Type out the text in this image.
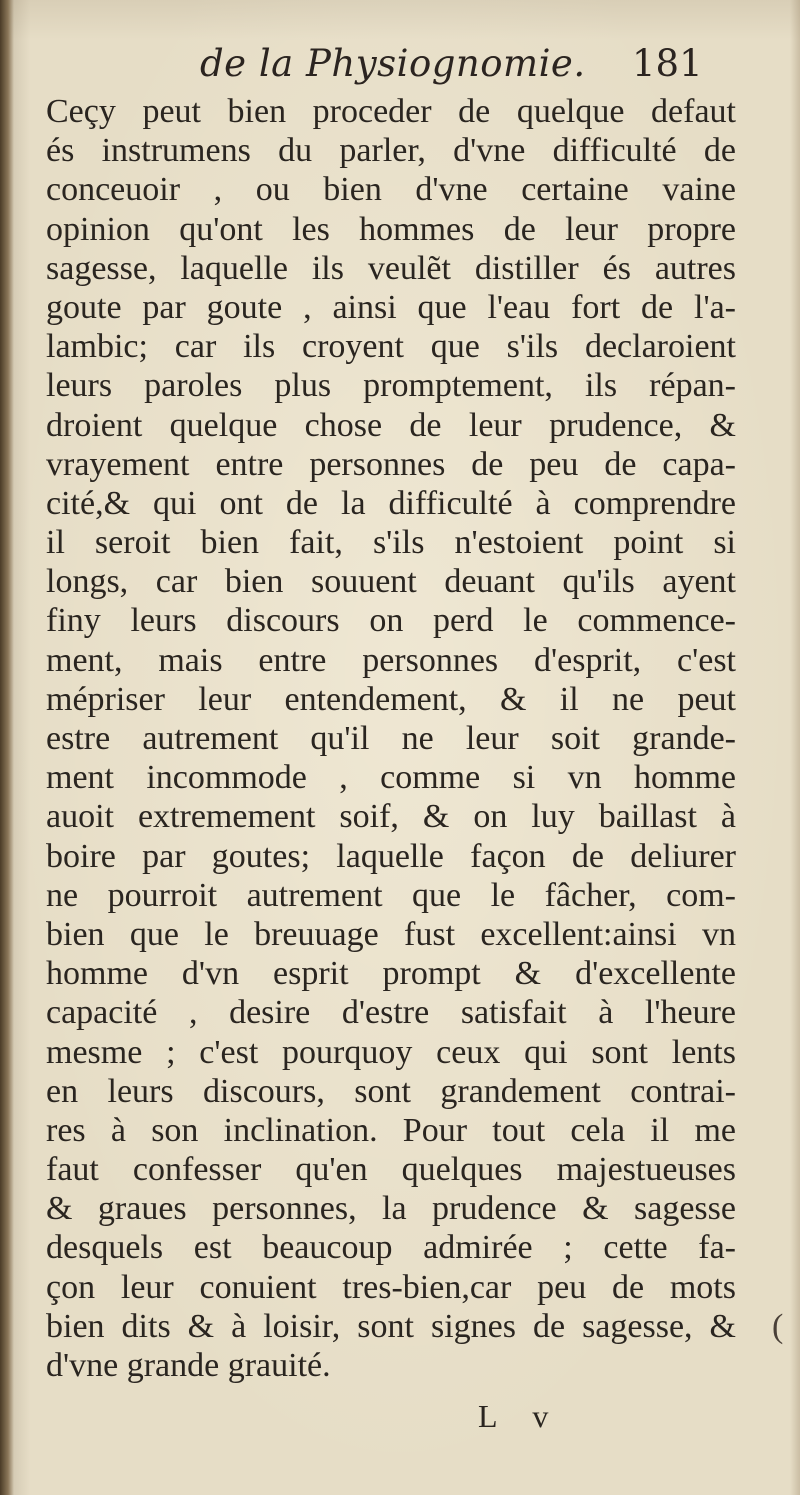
de la Physiognomie. 181
Ceçy peut bien proceder de quelque defaut
és instrumens du parler, d'vne difficulté de
conceuoir , ou bien d'vne certaine vaine
opinion qu'ont les hommes de leur propre
sagesse, laquelle ils veulẽt distiller és autres
goute par goute , ainsi que l'eau fort de l'a-
lambic; car ils croyent que s'ils declaroient
leurs paroles plus promptement, ils répan-
droient quelque chose de leur prudence, &
vrayement entre personnes de peu de capa-
cité,& qui ont de la difficulté à comprendre
il seroit bien fait, s'ils n'estoient point si
longs, car bien souuent deuant qu'ils ayent
finy leurs discours on perd le commence-
ment, mais entre personnes d'esprit, c'est
mépriser leur entendement, & il ne peut
estre autrement qu'il ne leur soit grande-
ment incommode , comme si vn homme
auoit extremement soif, & on luy baillast à
boire par goutes; laquelle façon de deliurer
ne pourroit autrement que le fâcher, com-
bien que le breuuage fust excellent:ainsi vn
homme d'vn esprit prompt & d'excellente
capacité , desire d'estre satisfait à l'heure
mesme ; c'est pourquoy ceux qui sont lents
en leurs discours, sont grandement contrai-
res à son inclination. Pour tout cela il me
faut confesser qu'en quelques majestueuses
& graues personnes, la prudence & sagesse
desquels est beaucoup admirée ; cette fa-
çon leur conuient tres-bien,car peu de mots
bien dits & à loisir, sont signes de sagesse, &
d'vne grande grauité.
(
L v
